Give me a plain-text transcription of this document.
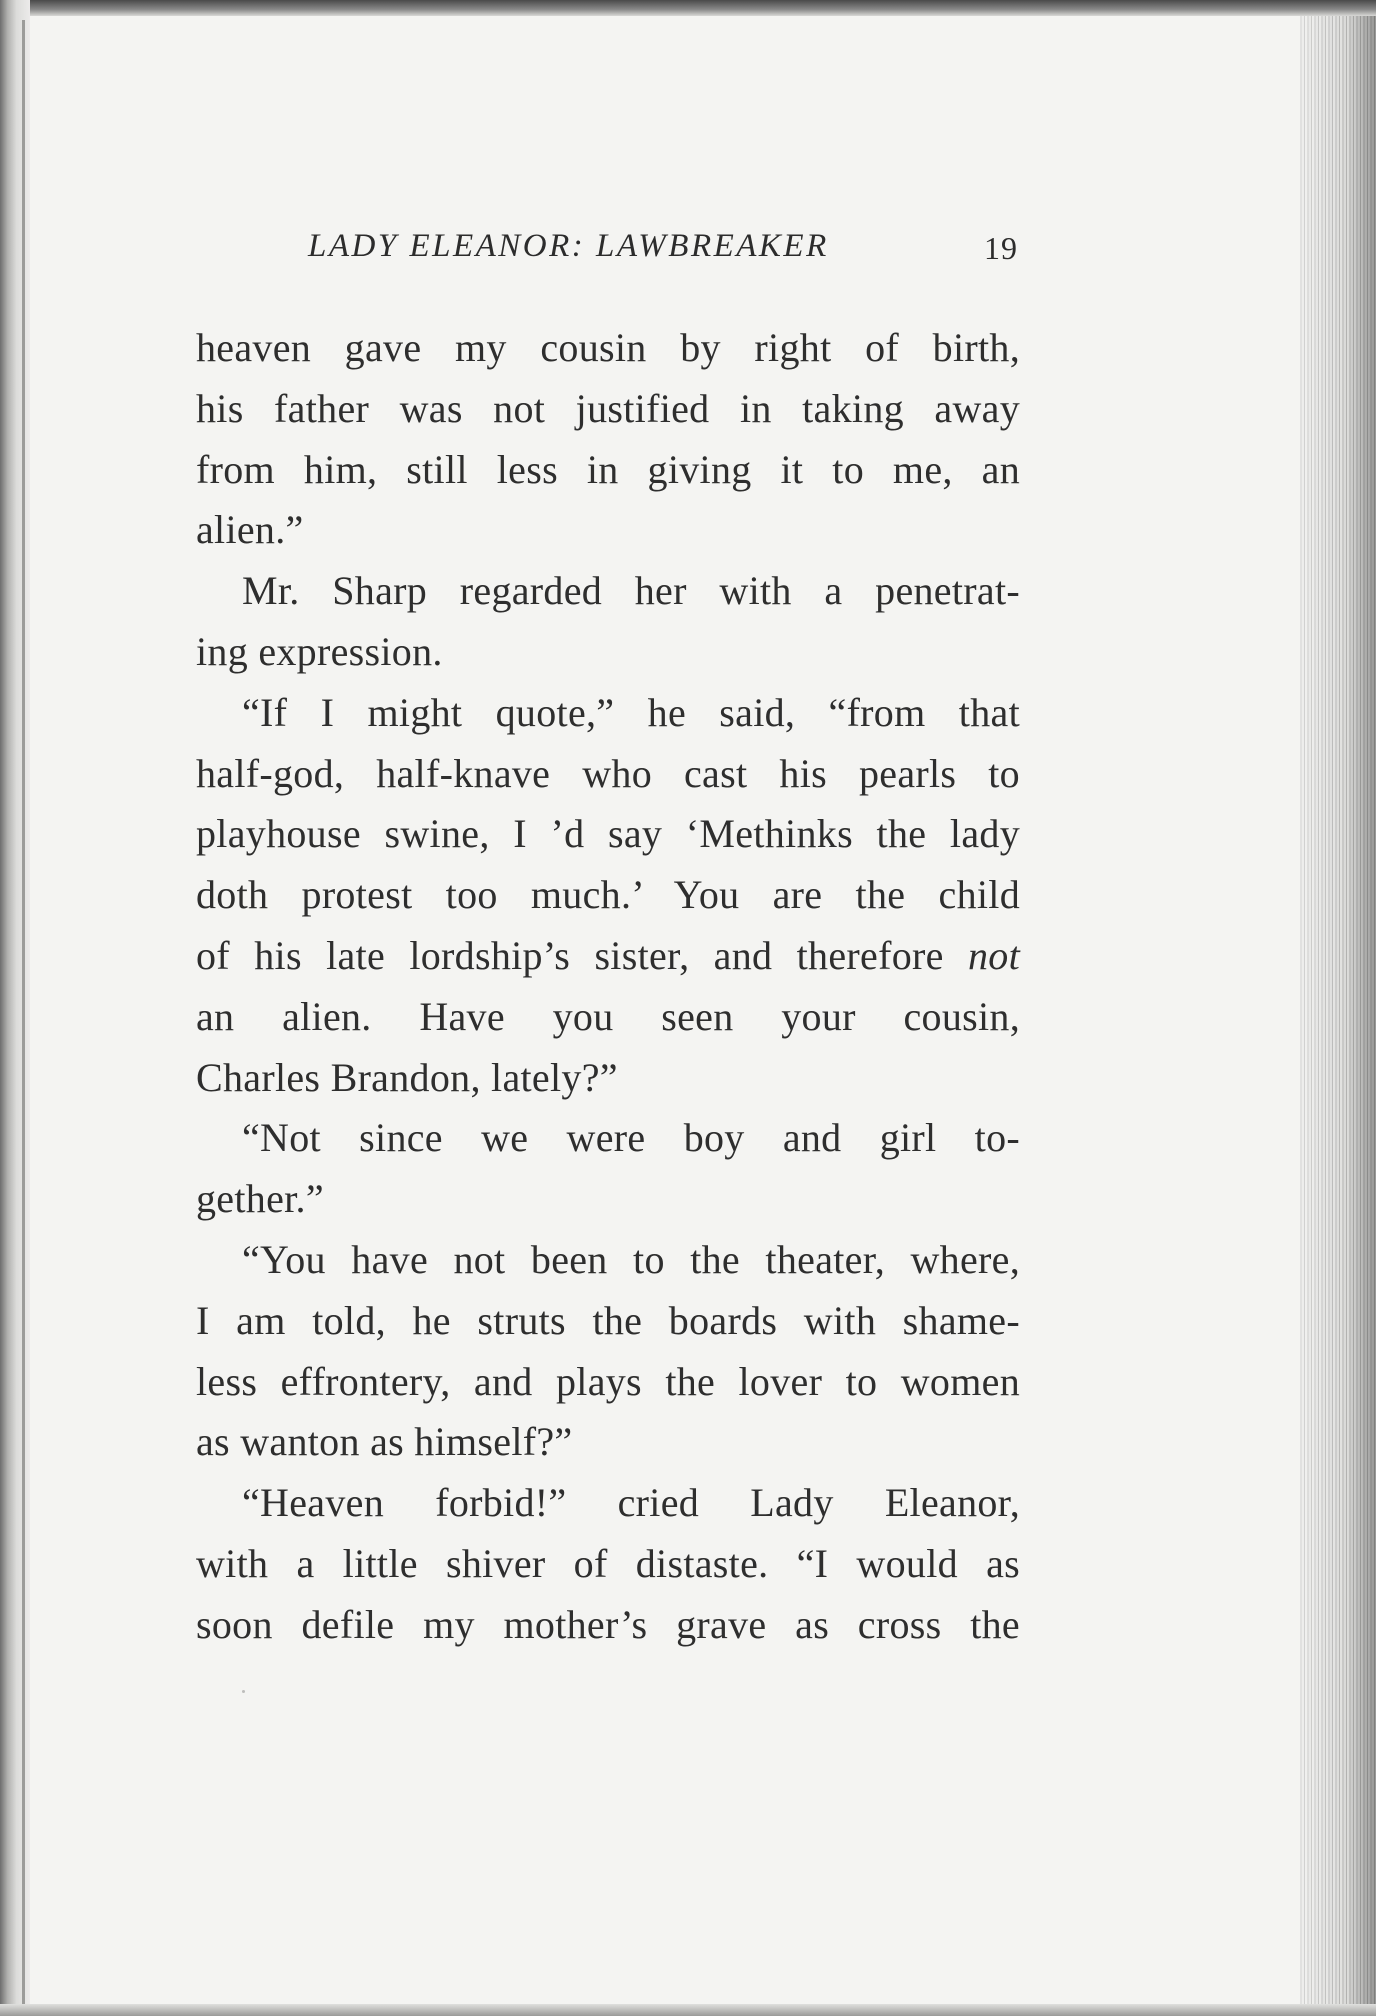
LADY ELEANOR: LAWBREAKER	19
heaven gave my cousin by right of birth,
his father was not justified in taking away
from him, still less in giving it to me, an
alien.”
Mr. Sharp regarded her with a penetrat-
ing expression.
“If I might quote,” he said, “from that
half-god, half-knave who cast his pearls to
playhouse swine, I ’d say ‘Methinks the lady
doth protest too much.’ You are the child
of his late lordship’s sister, and therefore not
an alien. Have you seen your cousin,
Charles Brandon, lately?”
“Not since we were boy and girl to-
gether.”
“You have not been to the theater, where,
I am told, he struts the boards with shame-
less effrontery, and plays the lover to women
as wanton as himself?”
“Heaven forbid!” cried Lady Eleanor,
with a little shiver of distaste. “I would as
soon defile my mother’s grave as cross the
